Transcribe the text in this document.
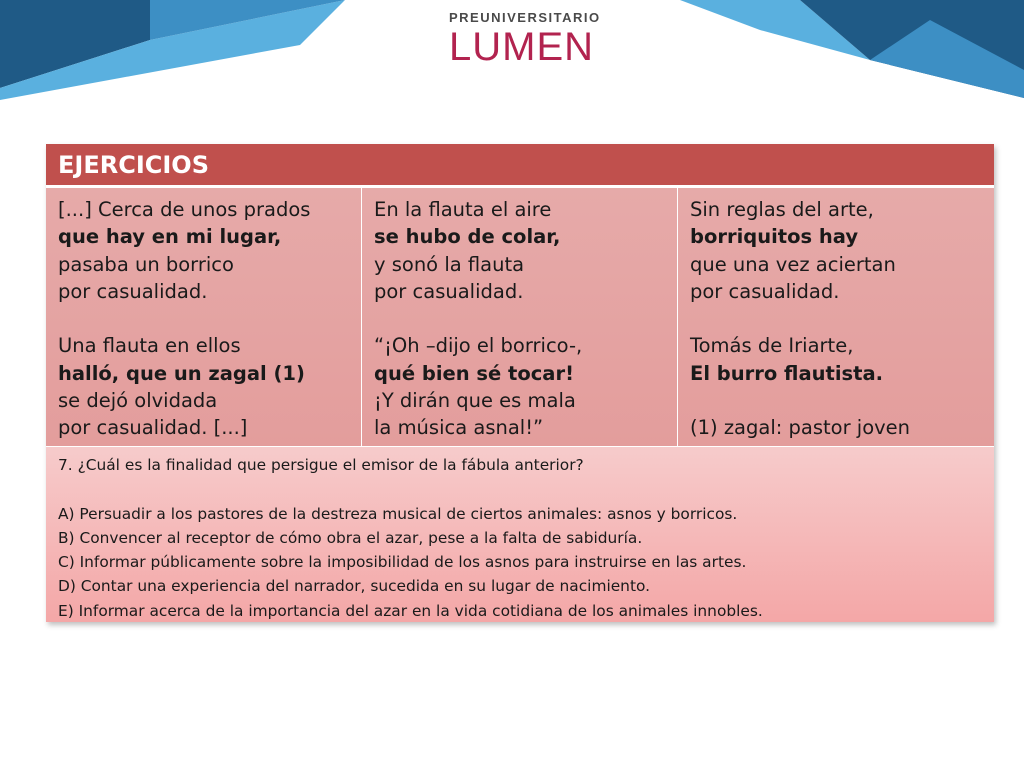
PREUNIVERSITARIO
LUMEN
EJERCICIOS
[...] Cerca de unos prados
que hay en mi lugar,
pasaba un borrico
por casualidad.
Una flauta en ellos
halló, que un zagal (1)
se dejó olvidada
por casualidad. [...]
En la flauta el aire
se hubo de colar,
y sonó la flauta
por casualidad.
“¡Oh –dijo el borrico-,
qué bien sé tocar!
¡Y dirán que es mala
la música asnal!”
Sin reglas del arte,
borriquitos hay
que una vez aciertan
por casualidad.
Tomás de Iriarte,
El burro flautista.
(1) zagal: pastor joven
7. ¿Cuál es la finalidad que persigue el emisor de la fábula anterior?
A) Persuadir a los pastores de la destreza musical de ciertos animales: asnos y borricos.
B) Convencer al receptor de cómo obra el azar, pese a la falta de sabiduría.
C) Informar públicamente sobre la imposibilidad de los asnos para instruirse en las artes.
D) Contar una experiencia del narrador, sucedida en su lugar de nacimiento.
E) Informar acerca de la importancia del azar en la vida cotidiana de los animales innobles.
